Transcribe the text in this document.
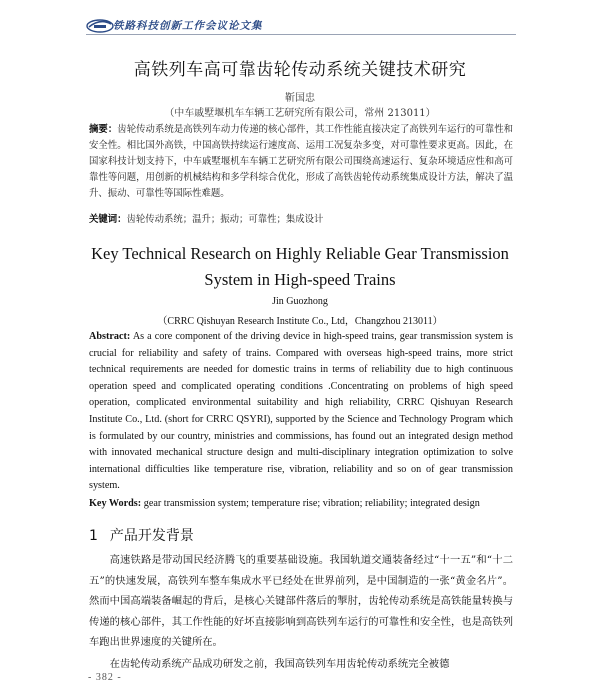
铁路科技创新工作会议论文集
高铁列车高可靠齿轮传动系统关键技术研究
靳国忠
（中车戚墅堰机车车辆工艺研究所有限公司，常州 213011）
摘要：齿轮传动系统是高铁列车动力传递的核心部件，其工作性能直接决定了高铁列车运行的可靠性和安全性。相比国外高铁，中国高铁持续运行速度高、运用工况复杂多变，对可靠性要求更高。因此，在国家科技计划支持下，中车戚墅堰机车车辆工艺研究所有限公司围绕高速运行、复杂环境适应性和高可靠性等问题，用创新的机械结构和多学科综合优化，形成了高铁齿轮传动系统集成设计方法，解决了温升、振动、可靠性等国际性难题。
关键词：齿轮传动系统；温升；振动；可靠性；集成设计
Key Technical Research on Highly Reliable Gear Transmission
System in High-speed Trains
Jin Guozhong
（CRRC Qishuyan Research Institute Co., Ltd，Changzhou 213011）
Abstract: As a core component of the driving device in high-speed trains, gear transmission system is crucial for reliability and safety of trains. Compared with overseas high-speed trains, more strict technical requirements are needed for domestic trains in terms of reliability due to high continuous operation speed and complicated operating conditions .Concentrating on problems of high speed operation, complicated environmental suitability and high reliability, CRRC Qishuyan Research Institute Co., Ltd. (short for CRRC QSYRI), supported by the Science and Technology Program which is formulated by our country, ministries and commissions, has found out an integrated design method with innovated mechanical structure design and multi-disciplinary integration optimization to solve international difficulties like temperature rise, vibration, reliability and so on of gear transmission system.
Key Words: gear transmission system; temperature rise; vibration; reliability; integrated design
1 产品开发背景

高速铁路是带动国民经济腾飞的重要基础设施。我国轨道交通装备经过“十一五”和“十二五”的快速发展，高铁列车整车集成水平已经处在世界前列，是中国制造的一张“黄金名片”。然而中国高端装备崛起的背后，是核心关键部件落后的掣肘，齿轮传动系统是高铁能量转换与传递的核心部件，其工作性能的好坏直接影响到高铁列车运行的可靠性和安全性，也是高铁列车跑出世界速度的关键所在。

在齿轮传动系统产品成功研发之前，我国高铁列车用齿轮传动系统完全被德

- 382 -
